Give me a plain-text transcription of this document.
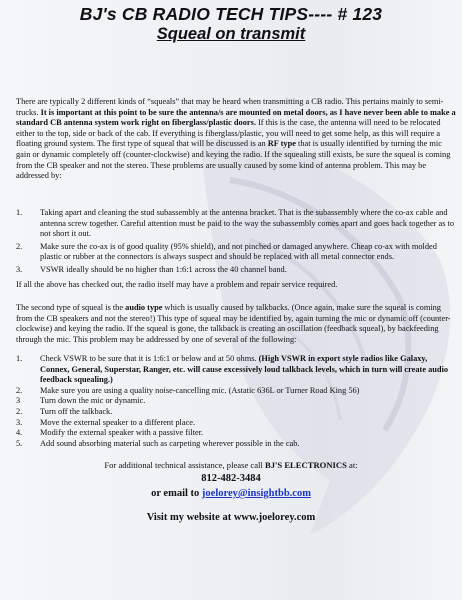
BJ's CB RADIO TECH TIPS---- # 123
Squeal on transmit

There are typically 2 different kinds of “squeals” that may be heard when transmitting a CB radio. This pertains mainly to semi-trucks. It is important at this point to be sure the antenna/s are mounted on metal doors, as I have never been able to make a standard CB antenna system work right on fiberglass/plastic doors. If this is the case, the antenna will need to be relocated either to the top, side or back of the cab. If everything is fiberglass/plastic, you will need to get some help, as this will require a floating ground system. The first type of squeal that will be discussed is an RF type that is usually identified by turning the mic gain or dynamic completely off (counter-clockwise) and keying the radio. If the squealing still exists, be sure the squeal is coming from the CB speaker and not the stereo. These problems are usually caused by some kind of antenna problem. This may be addressed by:

1. Taking apart and cleaning the stud subassembly at the antenna bracket. That is the subassembly where the co-ax cable and antenna screw together. Careful attention must be paid to the way the subassembly comes apart and goes back together as to not short it out.
2. Make sure the co-ax is of good quality (95% shield), and not pinched or damaged anywhere. Cheap co-ax with molded plastic or rubber at the connectors is always suspect and should be replaced with all metal connector ends.
3. VSWR ideally should be no higher than 1:6:1 across the 40 channel band.

If all the above has checked out, the radio itself may have a problem and repair service required.

The second type of squeal is the audio type which is usually caused by talkbacks. (Once again, make sure the squeal is coming from the CB speakers and not the stereo!) This type of squeal may be identified by, again turning the mic or dynamic off (counter-clockwise) and keying the radio. If the squeal is gone, the talkback is creating an oscillation (feedback squeal), by backfeeding through the mic. This problem may be addressed by one of several of the following:

1. Check VSWR to be sure that it is 1:6:1 or below and at 50 ohms. (High VSWR in export style radios like Galaxy, Connex, General, Superstar, Ranger, etc. will cause excessively loud talkback levels, which in turn will create audio feedback squealing.)
2. Make sure you are using a quality noise-cancelling mic. (Astatic 636L or Turner Road King 56)
3 Turn down the mic or dynamic.
2. Turn off the talkback.
3. Move the external speaker to a different place.
4. Modify the external speaker with a passive filter.
5. Add sound absorbing material such as carpeting wherever possible in the cab.
For additional technical assistance, please call BJ'S ELECTRONICS at:
812-482-3484
or email to joelorey@insightbb.com
Visit my website at www.joelorey.com
